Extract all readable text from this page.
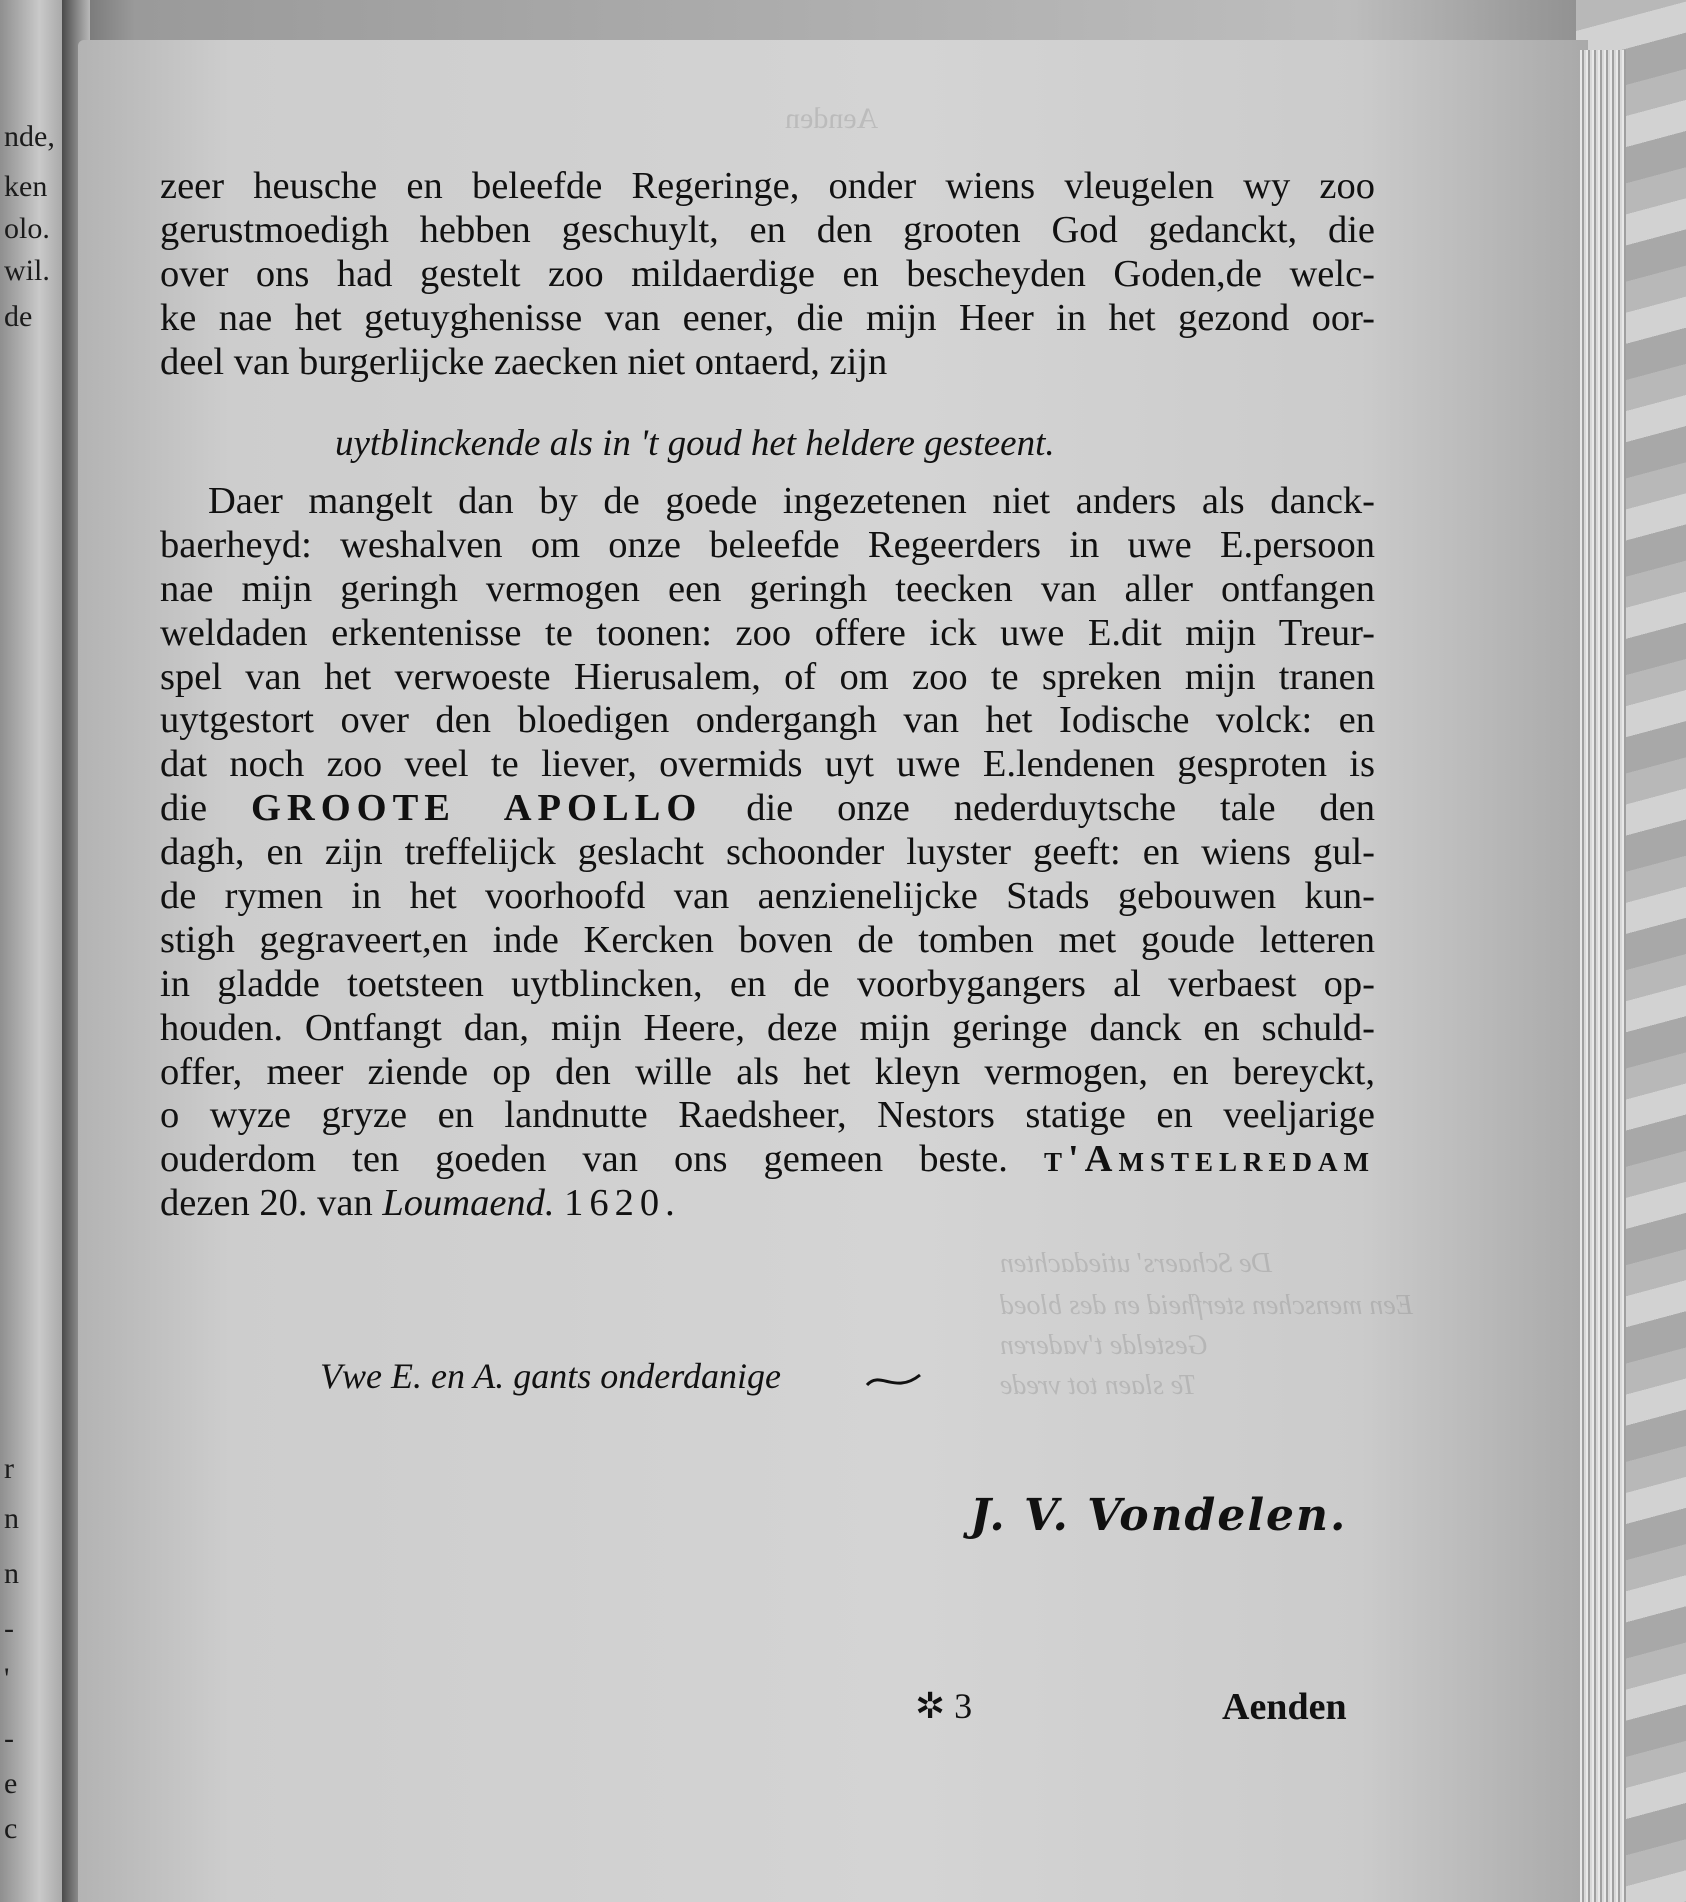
nde,
ken
olo.
wil.
de
r
n
n
-
'
-
e
c
Aenden
De Schaers' utiedachten
Een menschen sterfheid en des bloed
Gestelde t'vaderen
Te slaen tot vrede
zeer heusche en beleefde Regeringe, onder wiens vleugelen wy zoo
gerustmoedigh hebben geschuylt, en den grooten God gedanckt, die
over ons had gestelt zoo mildaerdige en bescheyden Goden,de welc-
ke nae het getuyghenisse van eener, die mijn Heer in het gezond oor-
deel van burgerlijcke zaecken niet ontaerd, zijn
uytblinckende als in 't goud het heldere gesteent.
Daer mangelt dan by de goede ingezetenen niet anders als danck-
baerheyd: weshalven om onze beleefde Regeerders in uwe E.persoon
nae mijn geringh vermogen een geringh teecken van aller ontfangen
weldaden erkentenisse te toonen: zoo offere ick uwe E.dit mijn Treur-
spel van het verwoeste Hierusalem, of om zoo te spreken mijn tranen
uytgestort over den bloedigen ondergangh van het Iodische volck: en
dat noch zoo veel te liever, overmids uyt uwe E.lendenen gesproten is
die GROOTE APOLLO die onze nederduytsche tale den
dagh, en zijn treffelijck geslacht schoonder luyster geeft: en wiens gul-
de rymen in het voorhoofd van aenzienelijcke Stads gebouwen kun-
stigh gegraveert,en inde Kercken boven de tomben met goude letteren
in gladde toetsteen uytblincken, en de voorbygangers al verbaest op-
houden. Ontfangt dan, mijn Heere, deze mijn geringe danck en schuld-
offer, meer ziende op den wille als het kleyn vermogen, en bereyckt,
o wyze gryze en landnutte Raedsheer, Nestors statige en veeljarige
ouderdom ten goeden van ons gemeen beste. t'Amstelredam
dezen 20. van Loumaend. 1620.
Vwe E. en A. gants onderdanige
J. V. Vondelen.
✲ 3	Aenden
